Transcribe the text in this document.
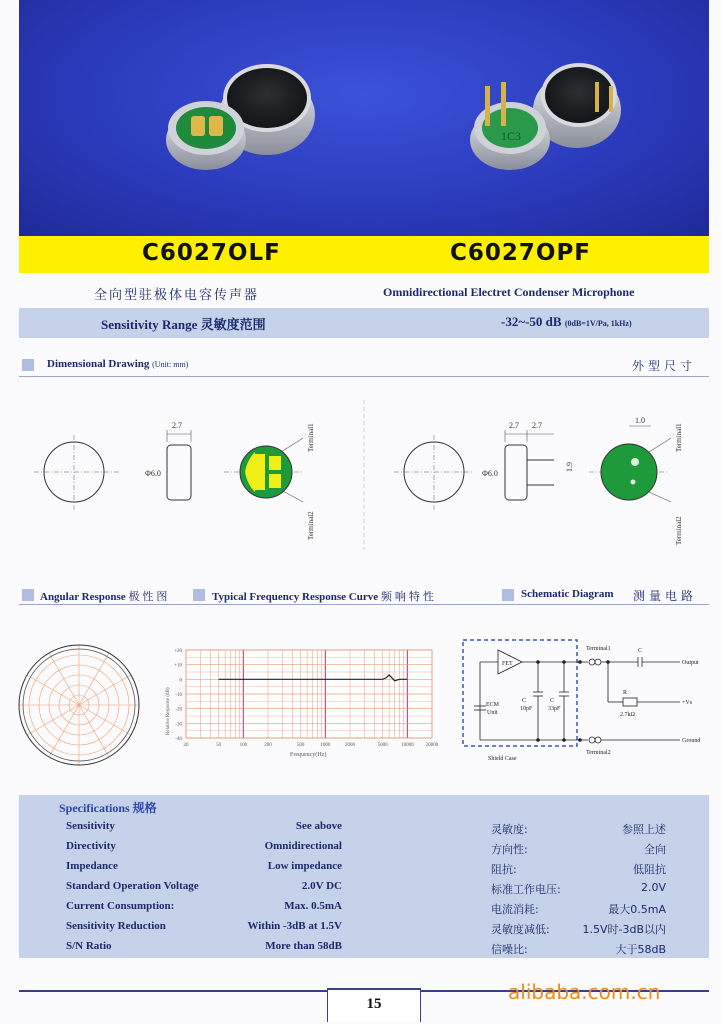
1C3
C6027OLF	C6027OPF
全向型驻极体电容传声器	Omnidirectional Electret Condenser Microphone
Sensitivity Range 灵敏度范围	-32~-50 dB (0dB=1V/Pa, 1kHz)
Dimensional Drawing (Unit: mm)	外型尺寸
2.7
Φ6.0
Terminal1
Terminal2
2.7 2.7
1.9
Φ6.0
1.0
Terminal1
Terminal2
Angular Response 极性图	Typical Frequency Response Curve 频响特性	Schematic Diagram 测量电路
+20
+10
0
-10
-20
-30
-40
20	50	100	200	500	1000	2000	5000	10000 20000
Relative Response (dB)
Frequency(Hz)
FET
ECM
Unit
C
10pF
C
33pF
Shield Case
Terminal1
Terminal2
C
R
2.7kΩ
Output
+Vs
Ground
Specifications 规格
Sensitivity	See above	灵敏度:	参照上述
Directivity	Omnidirectional	方向性:	全向
Impedance	Low impedance	阻抗:	低阻抗
Standard Operation Voltage	2.0V DC	标准工作电压:	2.0V
Current Consumption:	Max. 0.5mA	电流消耗:	最大0.5mA
Sensitivity Reduction	Within -3dB at 1.5V	灵敏度减低:	1.5V时-3dB以内
S/N Ratio	More than 58dB	信噪比:	大于58dB
15	alibaba.com.cn
